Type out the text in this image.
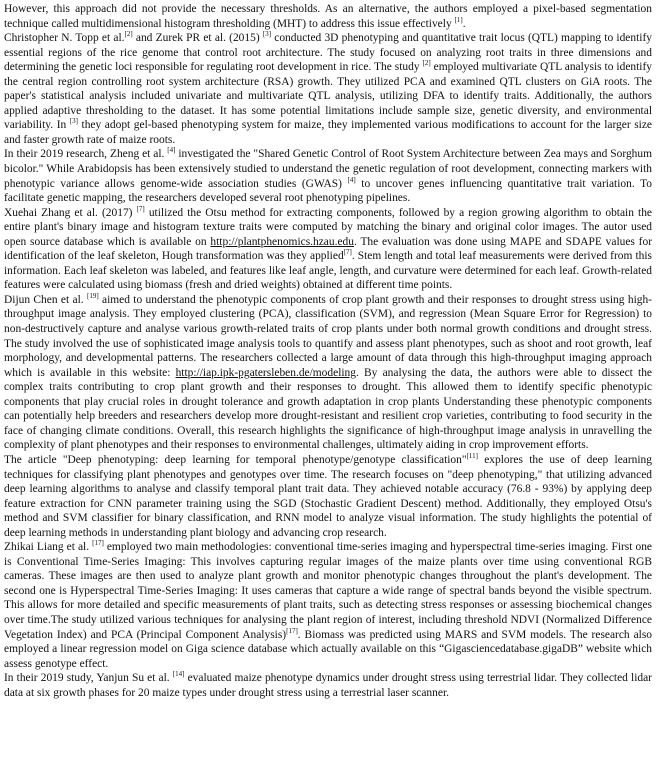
However, this approach did not provide the necessary thresholds. As an alternative, the authors employed a pixel-based segmentation technique called multidimensional histogram thresholding (MHT) to address this issue effectively [1].

Christopher N. Topp et al.[2] and Zurek PR et al. (2015) [3] conducted 3D phenotyping and quantitative trait locus (QTL) mapping to identify essential regions of the rice genome that control root architecture. The study focused on analyzing root traits in three dimensions and determining the genetic loci responsible for regulating root development in rice. The study [2] employed multivariate QTL analysis to identify the central region controlling root system architecture (RSA) growth. They utilized PCA and examined QTL clusters on GiA roots. The paper's statistical analysis included univariate and multivariate QTL analysis, utilizing DFA to identify traits. Additionally, the authors applied adaptive thresholding to the dataset. It has some potential limitations include sample size, genetic diversity, and environmental variability. In [3] they adopt gel-based phenotyping system for maize, they implemented various modifications to account for the larger size and faster growth rate of maize roots.

In their 2019 research, Zheng et al. [4] investigated the "Shared Genetic Control of Root System Architecture between Zea mays and Sorghum bicolor." While Arabidopsis has been extensively studied to understand the genetic regulation of root development, connecting markers with phenotypic variance allows genome-wide association studies (GWAS) [4] to uncover genes influencing quantitative trait variation. To facilitate genetic mapping, the researchers developed several root phenotyping pipelines.

Xuehai Zhang et al. (2017) [7] utilized the Otsu method for extracting components, followed by a region growing algorithm to obtain the entire plant's binary image and histogram texture traits were computed by matching the binary and original color images. The autor used open source database which is available on http://plantphenomics.hzau.edu. The evaluation was done using MAPE and SDAPE values for identification of the leaf skeleton, Hough transformation was they applied[7]. Stem length and total leaf measurements were derived from this information. Each leaf skeleton was labeled, and features like leaf angle, length, and curvature were determined for each leaf. Growth-related features were calculated using biomass (fresh and dried weights) obtained at different time points.

Dijun Chen et al. [19] aimed to understand the phenotypic components of crop plant growth and their responses to drought stress using high-throughput image analysis. They employed clustering (PCA), classification (SVM), and regression (Mean Square Error for Regression) to non-destructively capture and analyse various growth-related traits of crop plants under both normal growth conditions and drought stress. The study involved the use of sophisticated image analysis tools to quantify and assess plant phenotypes, such as shoot and root growth, leaf morphology, and developmental patterns. The researchers collected a large amount of data through this high-throughput imaging approach which is available in this website: http://iap.ipk-pgatersleben.de/modeling. By analysing the data, the authors were able to dissect the complex traits contributing to crop plant growth and their responses to drought. This allowed them to identify specific phenotypic components that play crucial roles in drought tolerance and growth adaptation in crop plants Understanding these phenotypic components can potentially help breeders and researchers develop more drought-resistant and resilient crop varieties, contributing to food security in the face of changing climate conditions. Overall, this research highlights the significance of high-throughput image analysis in unravelling the complexity of plant phenotypes and their responses to environmental challenges, ultimately aiding in crop improvement efforts.

The article "Deep phenotyping: deep learning for temporal phenotype/genotype classification"[11] explores the use of deep learning techniques for classifying plant phenotypes and genotypes over time. The research focuses on "deep phenotyping," that utilizing advanced deep learning algorithms to analyse and classify temporal plant trait data. They achieved notable accuracy (76.8 - 93%) by applying deep feature extraction for CNN parameter training using the SGD (Stochastic Gradient Descent) method. Additionally, they employed Otsu's method and SVM classifier for binary classification, and RNN model to analyze visual information. The study highlights the potential of deep learning methods in understanding plant biology and advancing crop research.

Zhikai Liang et al. [17] employed two main methodologies: conventional time-series imaging and hyperspectral time-series imaging. First one is Conventional Time-Series Imaging: This involves capturing regular images of the maize plants over time using conventional RGB cameras. These images are then used to analyze plant growth and monitor phenotypic changes throughout the plant's development. The second one is Hyperspectral Time-Series Imaging: It uses cameras that capture a wide range of spectral bands beyond the visible spectrum. This allows for more detailed and specific measurements of plant traits, such as detecting stress responses or assessing biochemical changes over time.The study utilized various techniques for analysing the plant region of interest, including threshold NDVI (Normalized Difference Vegetation Index) and PCA (Principal Component Analysis)[17]. Biomass was predicted using MARS and SVM models. The research also employed a linear regression model on Giga science database which actually available on this “Gigasciencedatabase.gigaDB” website which assess genotype effect.

In their 2019 study, Yanjun Su et al. [14] evaluated maize phenotype dynamics under drought stress using terrestrial lidar. They collected lidar data at six growth phases for 20 maize types under drought stress using a terrestrial laser scanner.
